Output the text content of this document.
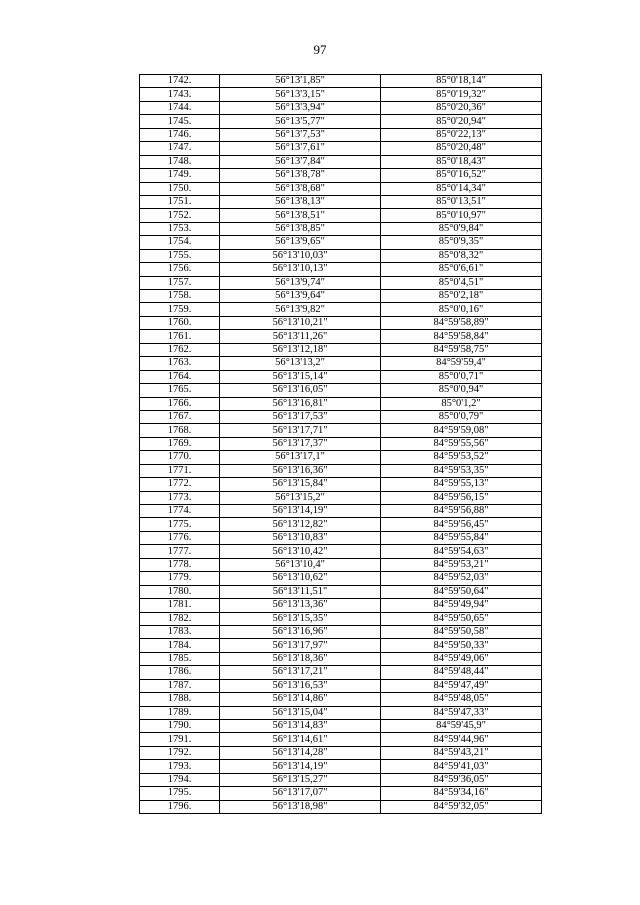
97
1742.	56°13'1,85"	85°0'18,14"
1743.	56°13'3,15"	85°0'19,32"
1744.	56°13'3,94"	85°0'20,36"
1745.	56°13'5,77"	85°0'20,94"
1746.	56°13'7,53"	85°0'22,13"
1747.	56°13'7,61"	85°0'20,48"
1748.	56°13'7,84"	85°0'18,43"
1749.	56°13'8,78"	85°0'16,52"
1750.	56°13'8,68"	85°0'14,34"
1751.	56°13'8,13"	85°0'13,51"
1752.	56°13'8,51"	85°0'10,97"
1753.	56°13'8,85"	85°0'9,84"
1754.	56°13'9,65"	85°0'9,35"
1755.	56°13'10,03"	85°0'8,32"
1756.	56°13'10,13"	85°0'6,61"
1757.	56°13'9,74"	85°0'4,51"
1758.	56°13'9,64"	85°0'2,18"
1759.	56°13'9,82"	85°0'0,16"
1760.	56°13'10,21"	84°59'58,89"
1761.	56°13'11,26"	84°59'58,84"
1762.	56°13'12,18"	84°59'58,75"
1763.	56°13'13,2"	84°59'59,4"
1764.	56°13'15,14"	85°0'0,71"
1765.	56°13'16,05"	85°0'0,94"
1766.	56°13'16,81"	85°0'1,2"
1767.	56°13'17,53"	85°0'0,79"
1768.	56°13'17,71"	84°59'59,08"
1769.	56°13'17,37"	84°59'55,56"
1770.	56°13'17,1"	84°59'53,52"
1771.	56°13'16,36"	84°59'53,35"
1772.	56°13'15,84"	84°59'55,13"
1773.	56°13'15,2"	84°59'56,15"
1774.	56°13'14,19"	84°59'56,88"
1775.	56°13'12,82"	84°59'56,45"
1776.	56°13'10,83"	84°59'55,84"
1777.	56°13'10,42"	84°59'54,63"
1778.	56°13'10,4"	84°59'53,21"
1779.	56°13'10,62"	84°59'52,03"
1780.	56°13'11,51"	84°59'50,64"
1781.	56°13'13,36"	84°59'49,94"
1782.	56°13'15,35"	84°59'50,65"
1783.	56°13'16,96"	84°59'50,58"
1784.	56°13'17,97"	84°59'50,33"
1785.	56°13'18,36"	84°59'49,06"
1786.	56°13'17,21"	84°59'48,44"
1787.	56°13'16,53"	84°59'47,49"
1788.	56°13'14,86"	84°59'48,05"
1789.	56°13'15,04"	84°59'47,33"
1790.	56°13'14,83"	84°59'45,9"
1791.	56°13'14,61"	84°59'44,96"
1792.	56°13'14,28"	84°59'43,21"
1793.	56°13'14,19"	84°59'41,03"
1794.	56°13'15,27"	84°59'36,05"
1795.	56°13'17,07"	84°59'34,16"
1796.	56°13'18,98"	84°59'32,05"
